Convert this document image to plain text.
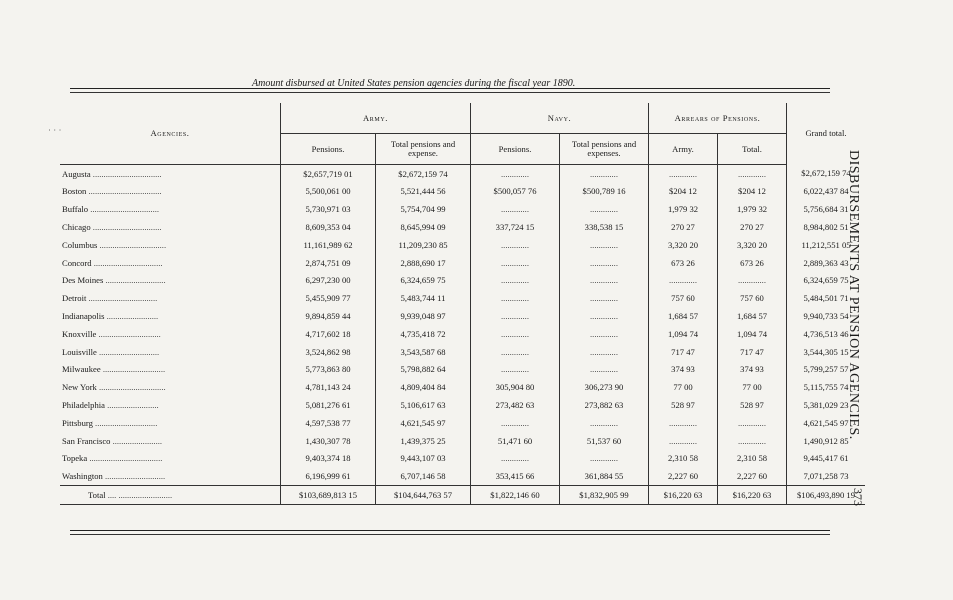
Amount disbursed at United States pension agencies during the fiscal year 1890.
˙ ˙ ˙	Agencies.	Army.		Navy.		Arrears of Pensions.		Grand total.
	Pensions.	Total pensions and expense.	Pensions.	Total pensions and expenses.	Army.	Total.	
Augusta ................................	$2,657,719 01	$2,672,159 74	.............	.............	.............	.............	$2,672,159 74
Boston ..................................	5,500,061 00	5,521,444 56	$500,057 76	$500,789 16	$204 12	$204 12	6,022,437 84
Buffalo ................................	5,730,971 03	5,754,704 99	.............	.............	1,979 32	1,979 32	5,756,684 31
Chicago ................................	8,609,353 04	8,645,994 09	337,724 15	338,538 15	270 27	270 27	8,984,802 51
Columbus ...............................	11,161,989 62	11,209,230 85	.............	.............	3,320 20	3,320 20	11,212,551 05
Concord ................................	2,874,751 09	2,888,690 17	.............	.............	673 26	673 26	2,889,363 43
Des Moines ............................	6,297,230 00	6,324,659 75	.............	.............	.............	.............	6,324,659 75
Detroit ................................	5,455,909 77	5,483,744 11	.............	.............	757 60	757 60	5,484,501 71
Indianapolis ........................	9,894,859 44	9,939,048 97	.............	.............	1,684 57	1,684 57	9,940,733 54
Knoxville .............................	4,717,602 18	4,735,418 72	.............	.............	1,094 74	1,094 74	4,736,513 46
Louisville ............................	3,524,862 98	3,543,587 68	.............	.............	717 47	717 47	3,544,305 15
Milwaukee .............................	5,773,863 80	5,798,882 64	.............	.............	374 93	374 93	5,799,257 57
New York ...............................	4,781,143 24	4,809,404 84	305,904 80	306,273 90	77 00	77 00	5,115,755 74
Philadelphia ........................	5,081,276 61	5,106,617 63	273,482 63	273,882 63	528 97	528 97	5,381,029 23
Pittsburg .............................	4,597,538 77	4,621,545 97	.............	.............	.............	.............	4,621,545 97
San Francisco .......................	1,430,307 78	1,439,375 25	51,471 60	51,537 60	.............	.............	1,490,912 85
Topeka ..................................	9,403,374 18	9,443,107 03	.............	.............	2,310 58	2,310 58	9,445,417 61
Washington ............................	6,196,999 61	6,707,146 58	353,415 66	361,884 55	2,227 60	2,227 60	7,071,258 73
Total .... .........................	$103,689,813 15	$104,644,763 57	$1,822,146 60	$1,832,905 99	$16,220 63	$16,220 63	$106,493,890 19
DISBURSEMENTS AT PENSION AGENCIES.
373
